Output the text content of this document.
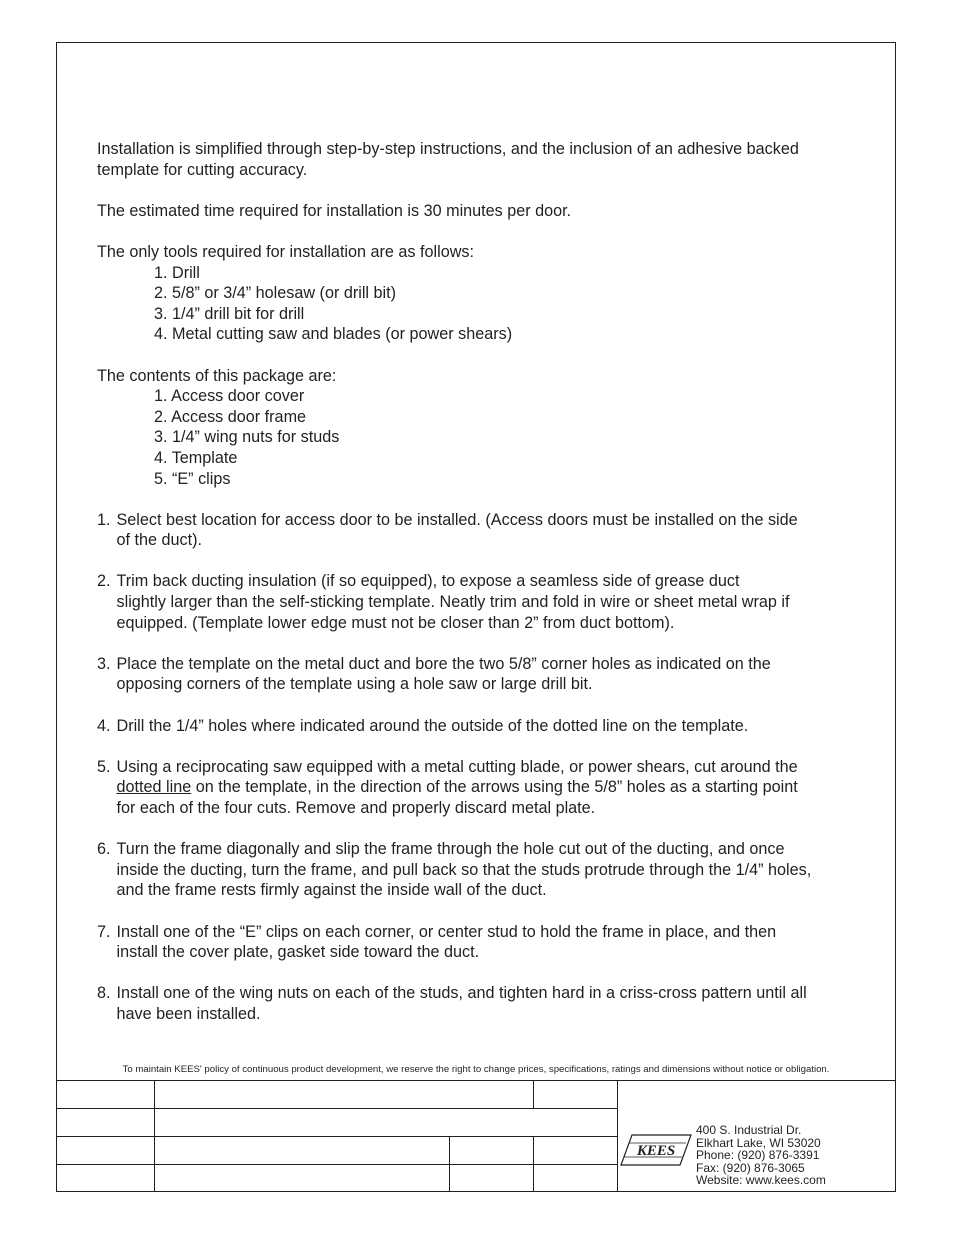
Installation is simplified through step-by-step instructions, and the inclusion of an adhesive backed

template for cutting accuracy.

The estimated time required for installation is 30 minutes per door.

The only tools required for installation are as follows:

1. Drill

2. 5/8” or 3/4” holesaw (or drill bit)

3. 1/4” drill bit for drill

4. Metal cutting saw and blades (or power shears)

The contents of this package are:

1. Access door cover

2. Access door frame

3. 1/4” wing nuts for studs

4. Template

5. “E” clips

1. Select best location for access door to be installed. (Access doors must be installed on the side

of the duct).

2. Trim back ducting insulation (if so equipped), to expose a seamless side of grease duct

slightly larger than the self-sticking template. Neatly trim and fold in wire or sheet metal wrap if

equipped. (Template lower edge must not be closer than 2” from duct bottom).

3. Place the template on the metal duct and bore the two 5/8” corner holes as indicated on the

opposing corners of the template using a hole saw or large drill bit.

4. Drill the 1/4” holes where indicated around the outside of the dotted line on the template.

5. Using a reciprocating saw equipped with a metal cutting blade, or power shears, cut around the

dotted line on the template, in the direction of the arrows using the 5/8” holes as a starting point

for each of the four cuts. Remove and properly discard metal plate.

6. Turn the frame diagonally and slip the frame through the hole cut out of the ducting, and once

inside the ducting, turn the frame, and pull back so that the studs protrude through the 1/4” holes,

and the frame rests firmly against the inside wall of the duct.

7. Install one of the “E” clips on each corner, or center stud to hold the frame in place, and then

install the cover plate, gasket side toward the duct.

8. Install one of the wing nuts on each of the studs, and tighten hard in a criss-cross pattern until all

have been installed.

To maintain KEES' policy of continuous product development, we reserve the right to change prices, specifications, ratings and dimensions without notice or obligation.
KEES
400 S. Industrial Dr.
Elkhart Lake, WI 53020
Phone: (920) 876-3391
Fax: (920) 876-3065
Website: www.kees.com
